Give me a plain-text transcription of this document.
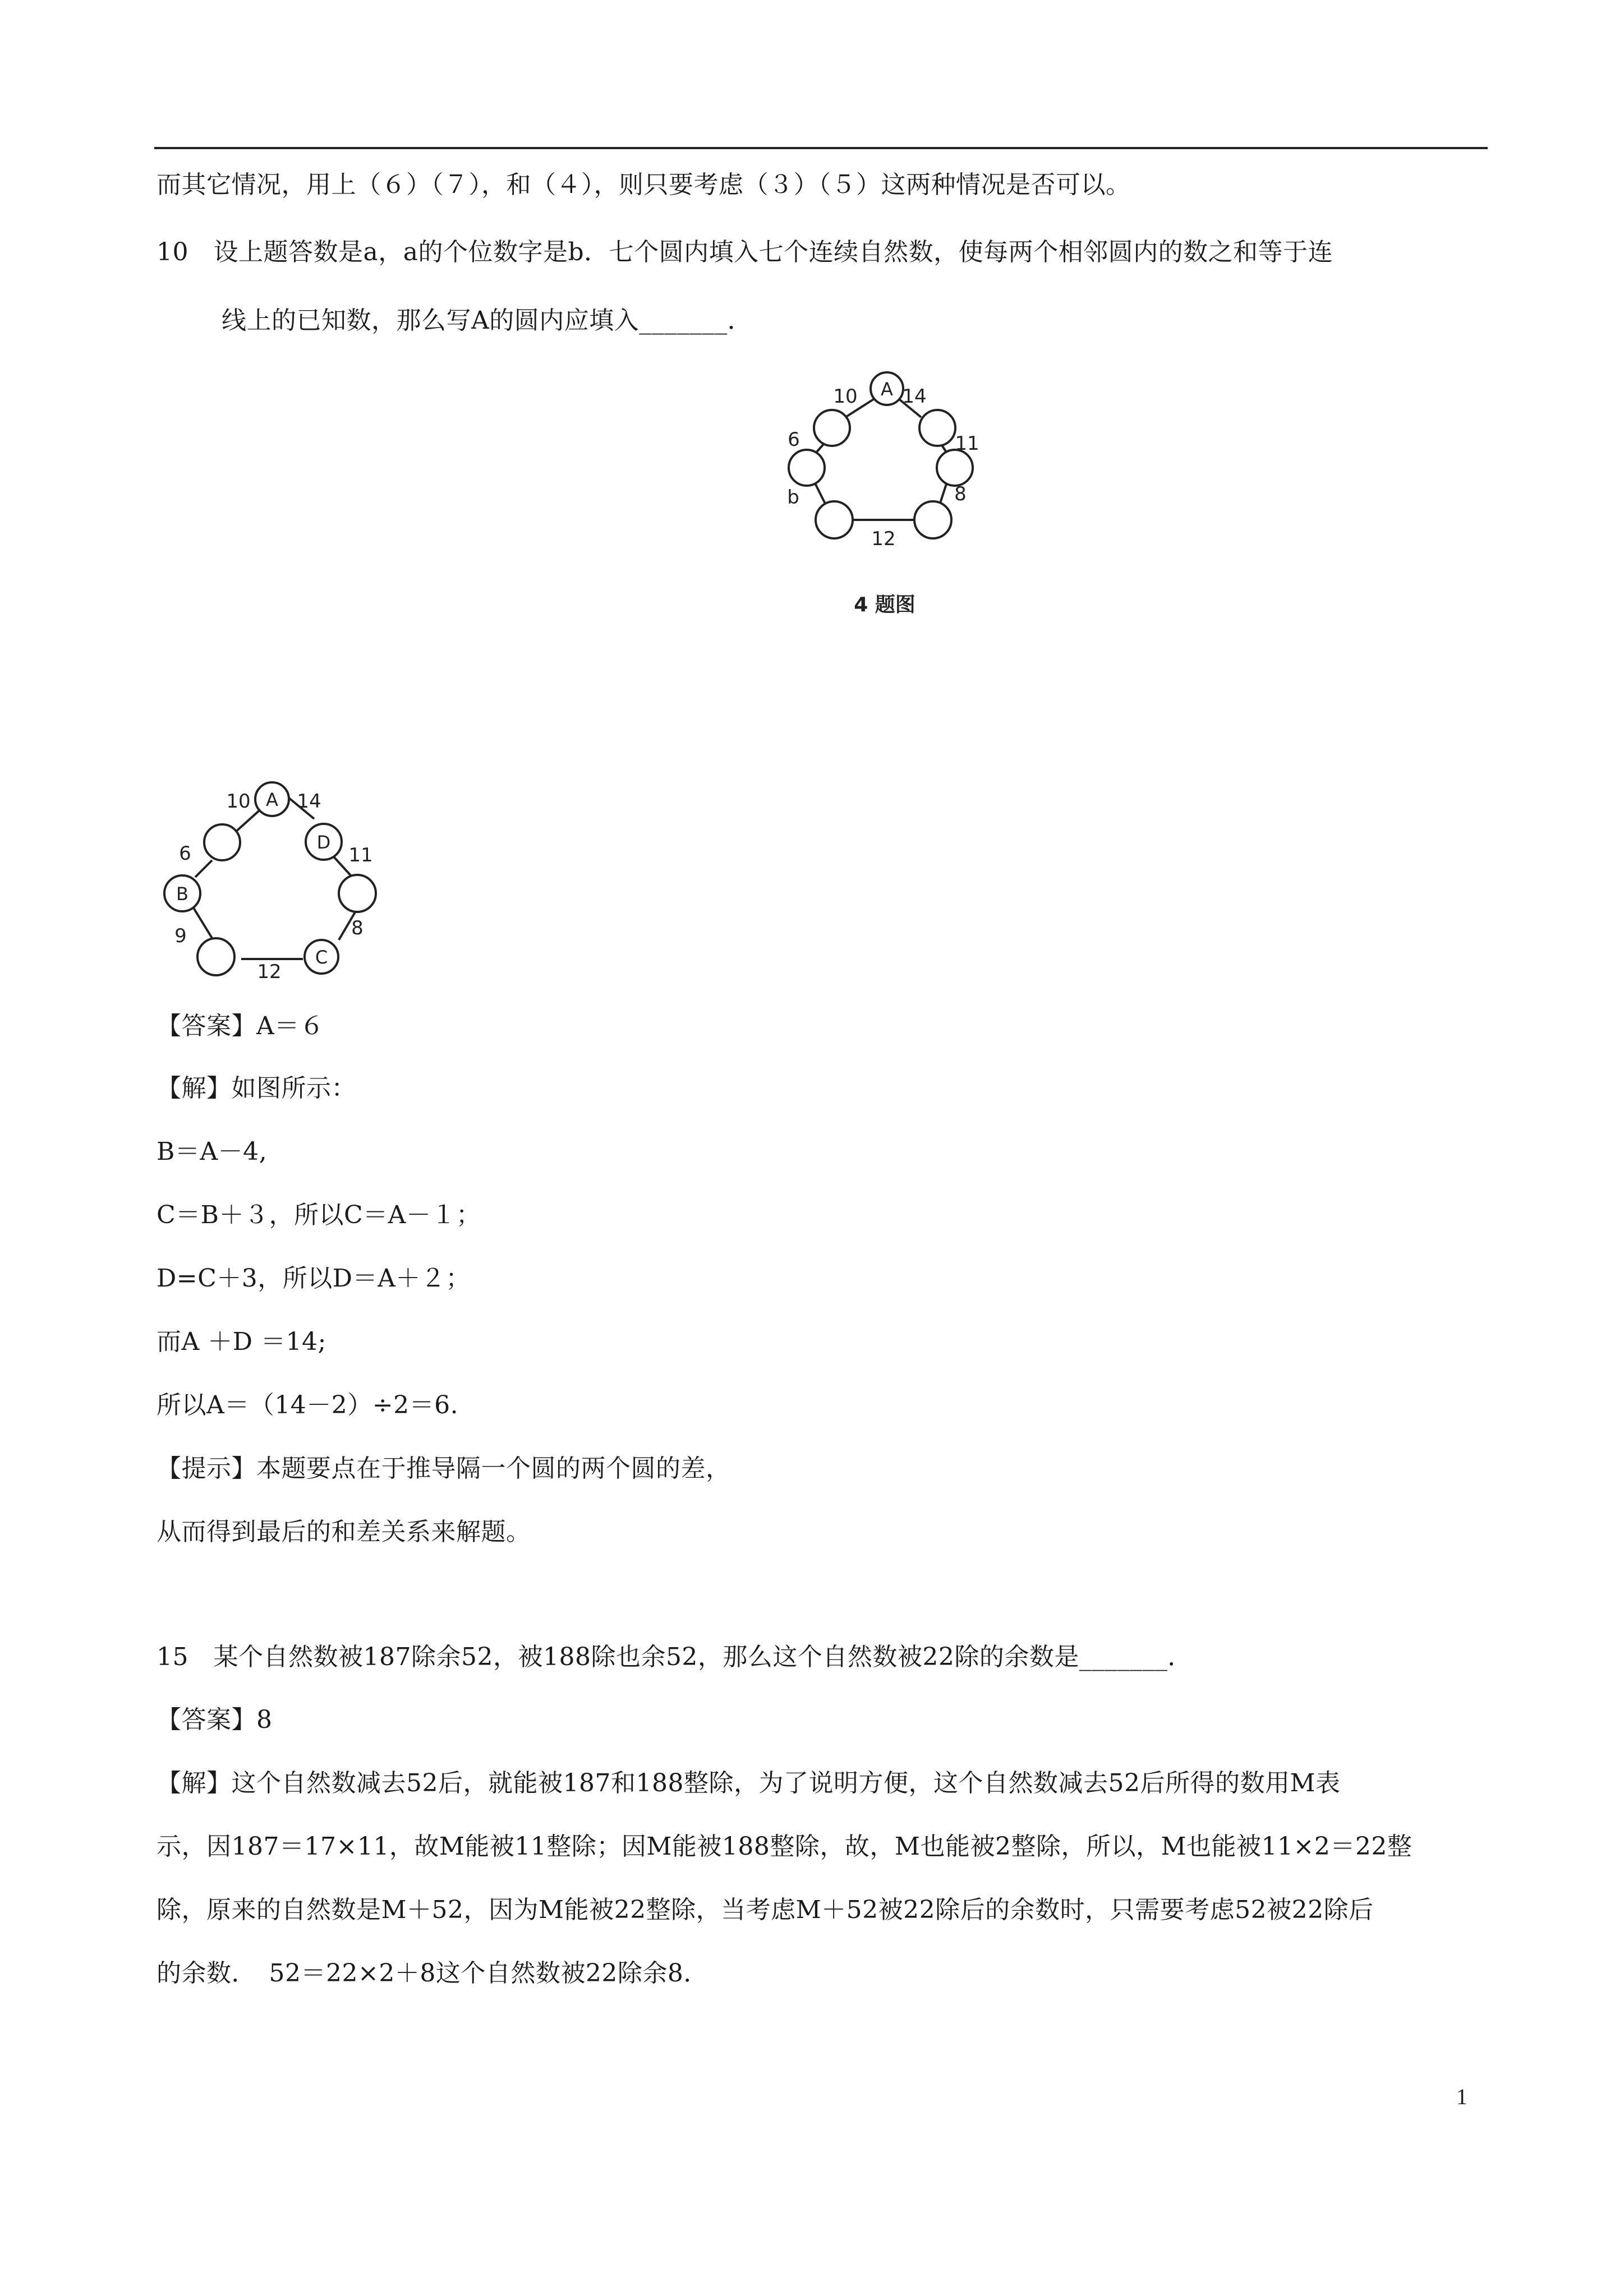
而其它情况，用上（６）（７），和（４），则只要考虑（３）（５）这两种情况是否可以。
10　设上题答数是a，a的个位数字是b．七个圆内填入七个连续自然数，使每两个相邻圆内的数之和等于连
线上的已知数，那么写A的圆内应填入_______．
A
10 14
6	11
b	8
12
4 题图
A
D
B
C
10 14
6	11
9	8
12
【答案】A＝６
【解】如图所示：
B＝A－4,
C＝B＋３，所以C＝A－１；
D=C＋3，所以D＝A＋２；
而A ＋D ＝14;
所以A＝（14－2）÷2＝6.
【提示】本题要点在于推导隔一个圆的两个圆的差，
从而得到最后的和差关系来解题。
15　某个自然数被187除余52，被188除也余52，那么这个自然数被22除的余数是_______．
【答案】8
【解】这个自然数减去52后，就能被187和188整除，为了说明方便，这个自然数减去52后所得的数用M表
示，因187＝17×11，故M能被11整除；因M能被188整除，故，M也能被2整除，所以，M也能被11×2＝22整
除，原来的自然数是M＋52，因为M能被22整除，当考虑M＋52被22除后的余数时，只需要考虑52被22除后
的余数．　52＝22×2＋8这个自然数被22除余8．
1
